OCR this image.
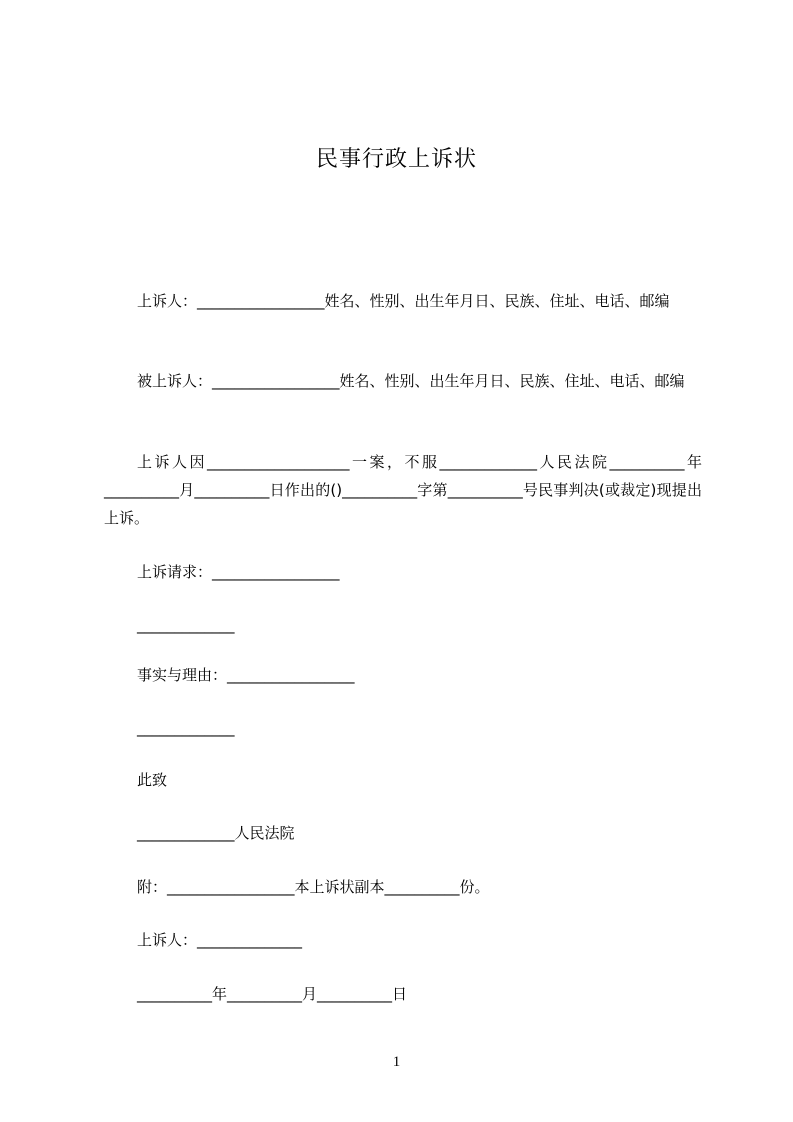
民事行政上诉状
上诉人：_________________姓名、性别、出生年月日、民族、住址、电话、邮编
被上诉人：_________________姓名、性别、出生年月日、民族、住址、电话、邮编
上诉人因___________________一案，不服_____________人民法院__________年__________月__________日作出的()__________字第__________号民事判决(或裁定)现提出上诉。
上诉请求：_________________
_____________
事实与理由：_________________
_____________
此致
_____________人民法院
附：_________________本上诉状副本__________份。
上诉人：______________
__________年__________月__________日
1
